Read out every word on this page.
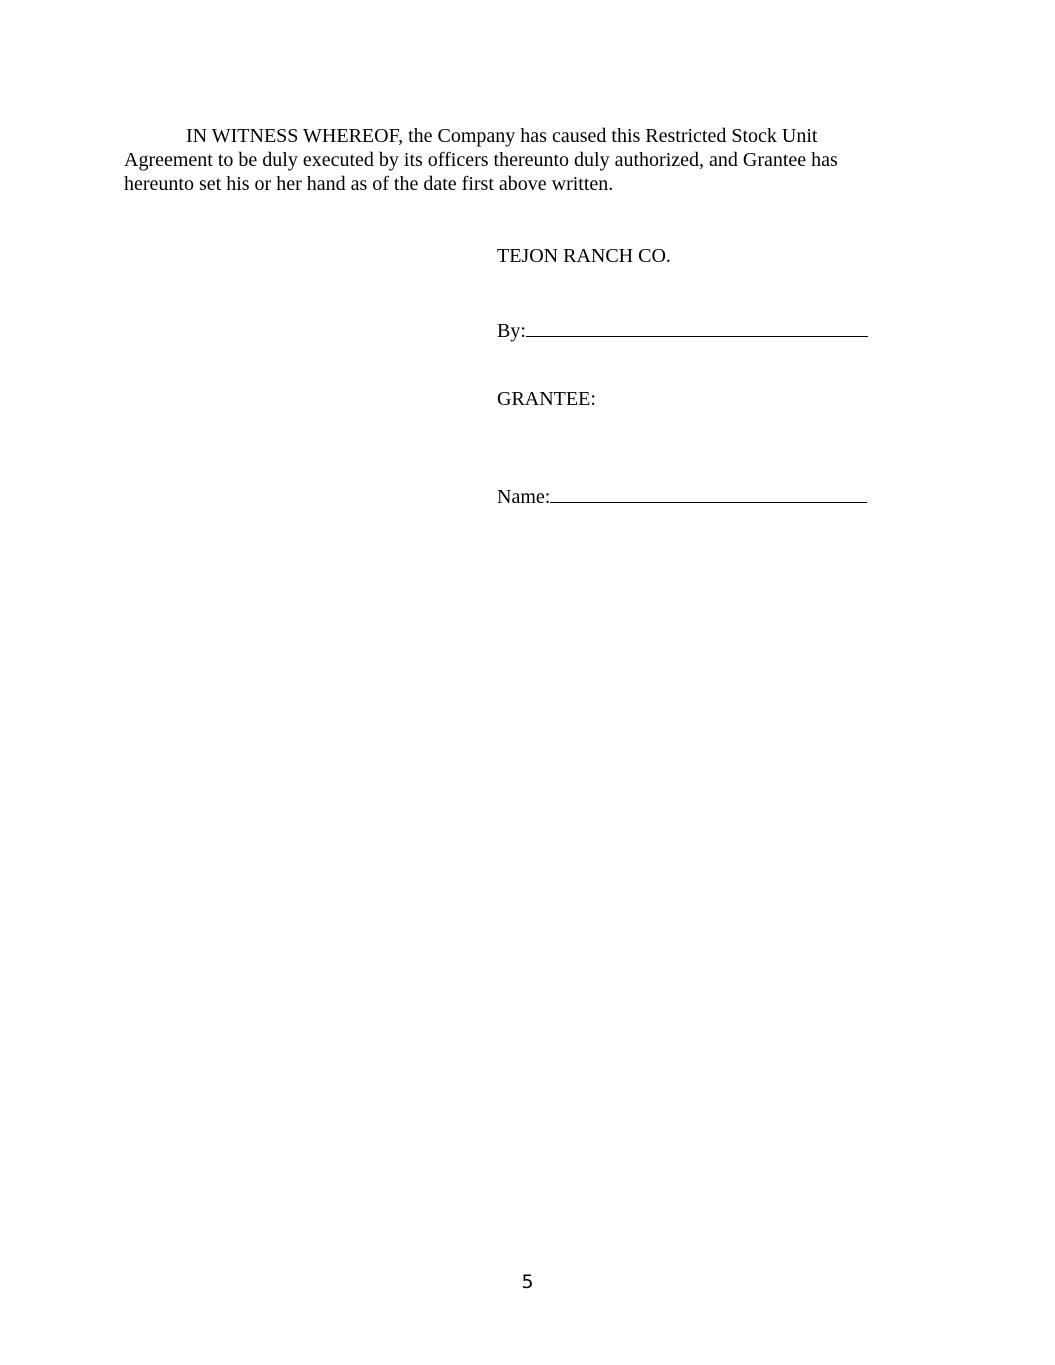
IN WITNESS WHEREOF, the Company has caused this Restricted Stock Unit Agreement to be duly executed by its officers thereunto duly authorized, and Grantee has hereunto set his or her hand as of the date first above written.

TEJON RANCH CO.
By:
GRANTEE:
Name:
5
